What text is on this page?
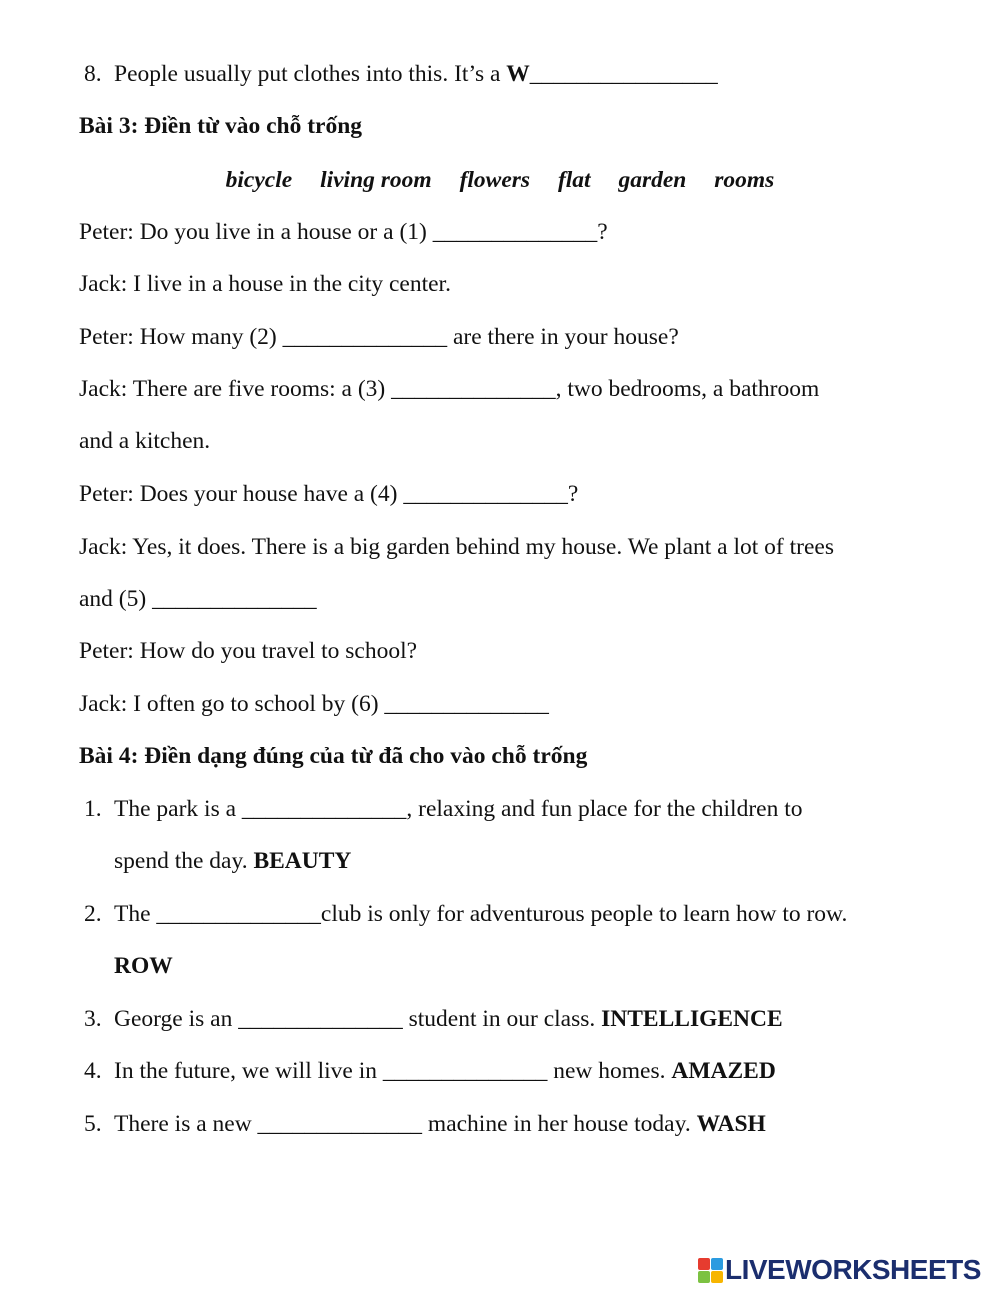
8. People usually put clothes into this. It’s a W________________
Bài 3: Điền từ vào chỗ trống
bicycle living room flowers flat garden rooms
Peter: Do you live in a house or a (1) ______________?
Jack: I live in a house in the city center.
Peter: How many (2) ______________ are there in your house?
Jack: There are five rooms: a (3) ______________, two bedrooms, a bathroom
and a kitchen.
Peter: Does your house have a (4) ______________?
Jack: Yes, it does. There is a big garden behind my house. We plant a lot of trees
and (5) ______________
Peter: How do you travel to school?
Jack: I often go to school by (6) ______________
Bài 4: Điền dạng đúng của từ đã cho vào chỗ trống
1. The park is a ______________, relaxing and fun place for the children to
spend the day. BEAUTY
2. The ______________club is only for adventurous people to learn how to row.
ROW
3. George is an ______________ student in our class. INTELLIGENCE
4. In the future, we will live in ______________ new homes. AMAZED
5. There is a new ______________ machine in her house today. WASH
LIVEWORKSHEETS
